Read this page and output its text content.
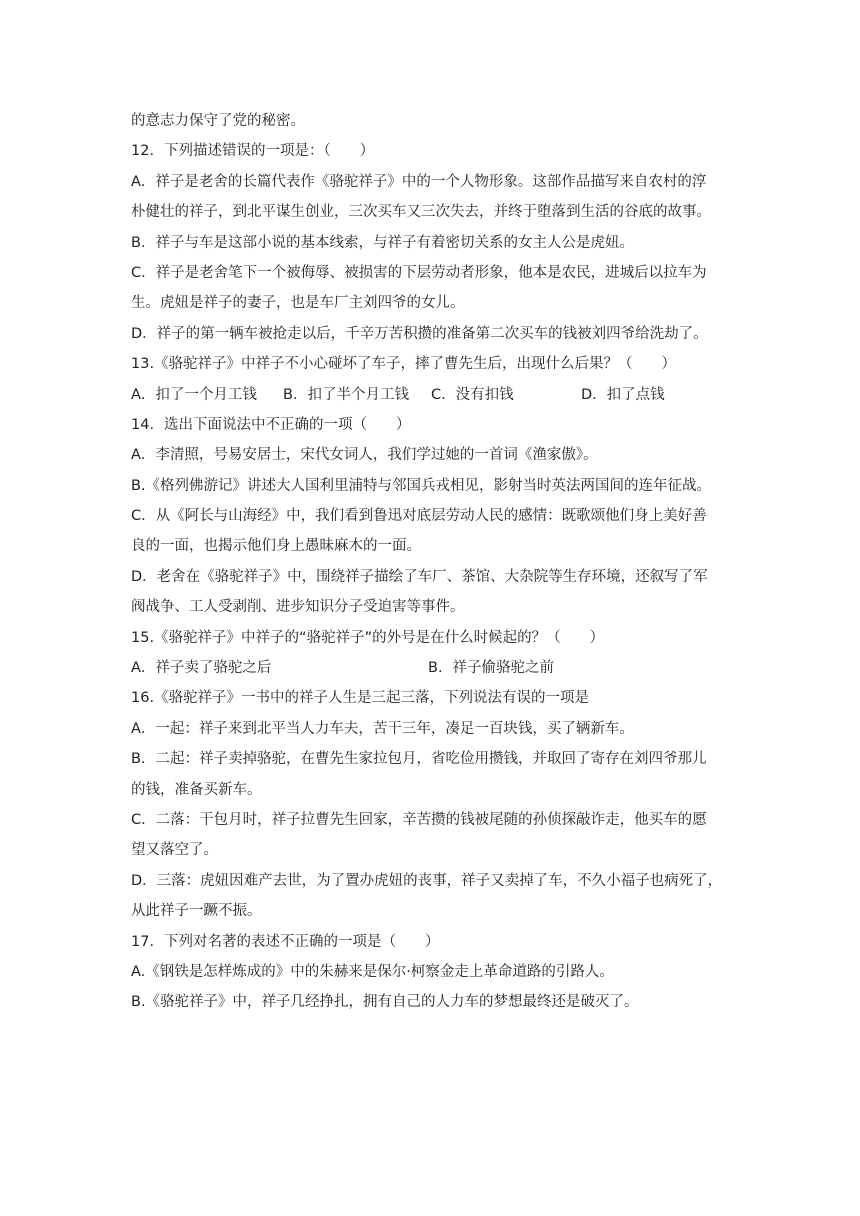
的意志力保守了党的秘密。
12．下列描述错误的一项是：（　　）
A．祥子是老舍的长篇代表作《骆驼祥子》中的一个人物形象。这部作品描写来自农村的淳
朴健壮的祥子，到北平谋生创业，三次买车又三次失去，并终于堕落到生活的谷底的故事。
B．祥子与车是这部小说的基本线索，与祥子有着密切关系的女主人公是虎妞。
C．祥子是老舍笔下一个被侮辱、被损害的下层劳动者形象，他本是农民，进城后以拉车为
生。虎妞是祥子的妻子，也是车厂主刘四爷的女儿。
D．祥子的第一辆车被抢走以后，千辛万苦积攒的准备第二次买车的钱被刘四爷给洗劫了。
13.《骆驼祥子》中祥子不小心碰坏了车子，摔了曹先生后，出现什么后果？（　　）
A．扣了一个月工钱	B．扣了半个月工钱	C．没有扣钱	D．扣了点钱
14．选出下面说法中不正确的一项（　　）
A．李清照，号易安居士，宋代女词人，我们学过她的一首词《渔家傲》。
B.《格列佛游记》讲述大人国利里浦特与邻国兵戎相见，影射当时英法两国间的连年征战。
C．从《阿长与山海经》中，我们看到鲁迅对底层劳动人民的感情：既歌颂他们身上美好善
良的一面，也揭示他们身上愚昧麻木的一面。
D．老舍在《骆驼祥子》中，围绕祥子描绘了车厂、茶馆、大杂院等生存环境，还叙写了军
阀战争、工人受剥削、进步知识分子受迫害等事件。
15.《骆驼祥子》中祥子的“骆驼祥子”的外号是在什么时候起的？（　　）
A．祥子卖了骆驼之后	B．祥子偷骆驼之前
16.《骆驼祥子》一书中的祥子人生是三起三落，下列说法有误的一项是
A．一起：祥子来到北平当人力车夫，苦干三年，凑足一百块钱，买了辆新车。
B．二起：祥子卖掉骆驼，在曹先生家拉包月，省吃俭用攒钱，并取回了寄存在刘四爷那儿
的钱，准备买新车。
C．二落：干包月时，祥子拉曹先生回家，辛苦攒的钱被尾随的孙侦探敲诈走，他买车的愿
望又落空了。
D．三落：虎妞因难产去世，为了置办虎妞的丧事，祥子又卖掉了车，不久小福子也病死了，
从此祥子一蹶不振。
17．下列对名著的表述不正确的一项是（　　）
A.《钢铁是怎样炼成的》中的朱赫来是保尔·柯察金走上革命道路的引路人。
B.《骆驼祥子》中，祥子几经挣扎，拥有自己的人力车的梦想最终还是破灭了。
